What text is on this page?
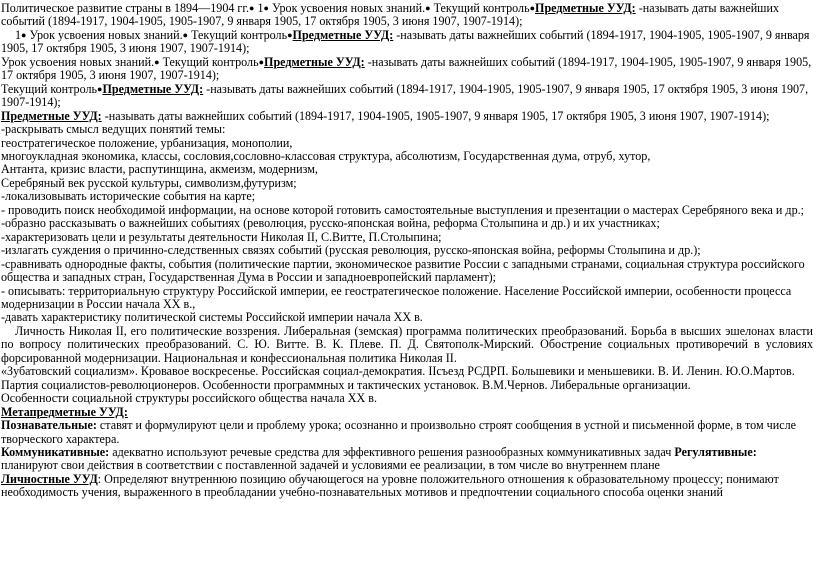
Политическое развитие страны в 1894—1904 гг.● 1● Урок усвоения новых знаний.● Текущий контроль●Предметные УУД: -называть даты важнейших событий (1894-1917, 1904-1905, 1905-1907, 9 января 1905, 17 октября 1905, 3 июня 1907, 1907-1914);

1● Урок усвоения новых знаний.● Текущий контроль●Предметные УУД: -называть даты важнейших событий (1894-1917, 1904-1905, 1905-1907, 9 января 1905, 17 октября 1905, 3 июня 1907, 1907-1914);

Урок усвоения новых знаний.● Текущий контроль●Предметные УУД: -называть даты важнейших событий (1894-1917, 1904-1905, 1905-1907, 9 января 1905, 17 октября 1905, 3 июня 1907, 1907-1914);

Текущий контроль●Предметные УУД: -называть даты важнейших событий (1894-1917, 1904-1905, 1905-1907, 9 января 1905, 17 октября 1905, 3 июня 1907, 1907-1914);

Предметные УУД: -называть даты важнейших событий (1894-1917, 1904-1905, 1905-1907, 9 января 1905, 17 октября 1905, 3 июня 1907, 1907-1914);

-раскрывать смысл ведущих понятий темы:

геостратегическое положение, урбанизация, монополии,

многоукладная экономика, классы, сословия,сословно-классовая структура, абсолютизм, Государственная дума, отруб, хутор,

Антанта, кризис власти, распутинщина, акмеизм, модернизм,

Серебряный век русской культуры, символизм,футуризм;

-локализовывать исторические события на карте;

- проводить поиск необходимой информации, на основе которой готовить самостоятельные выступления и презентации о мастерах Серебряного века и др.;

-образно рассказывать о важнейших событиях (революция, русско-японская война, реформа Столыпина и др.) и их участниках;

-характеризовать цели и результаты деятельности Николая II, С.Витте, П.Столыпина;

-излагать суждения о причинно-следственных связях событий (русская революция, русско-японская война, реформы Столыпина и др.);

-сравнивать однородные факты, события (политические партии, экономическое развитие России с западными странами, социальная структура российского общества и западных стран, Государственная Дума в России и западноевропейский парламент);

- описывать: территориальную структуру Российской империи, ее геостратегическое положение. Население Российской империи, особенности процесса модернизации в России начала XX в.,

-давать характеристику политической системы Российской империи начала XX в.

Личность Николая II, его политические воззрения. Либеральная (земская) программа политических преобразований. Борьба в высших эшелонах власти по вопросу политических преобразований. С. Ю. Витте. В. К. Плеве. П. Д. Святополк-Мирский. Обострение социальных противоречий в условиях форсированной модернизации. Национальная и конфессиональная политика Николая II.

«Зубатовский социализм». Кровавое воскресенье. Российская социал-демократия. ІІсъезд РСДРП. Большевики и меньшевики. В. И. Ленин. Ю.О.Мартов. Партия социалистов-революционеров. Особенности программных и тактических установок. В.М.Чернов. Либеральные организации.

Особенности социальной структуры российского общества начала XX в.

Метапредметные УУД:

Познавательные: ставят и формулируют цели и проблему урока; осознанно и произвольно строят сообщения в устной и письменной форме, в том числе творческого характера.

Коммуникативные: адекватно используют речевые средства для эффективного решения разнообразных коммуникативных задач Регулятивные: планируют свои действия в соответствии с поставленной задачей и условиями ее реализации, в том числе во внутреннем плане

Личностные УУД: Определяют внутреннюю позицию обучающегося на уровне положительного отношения к образовательному процессу; понимают необходимость учения, выраженного в преобладании учебно-познавательных мотивов и предпочтении социального способа оценки знаний
